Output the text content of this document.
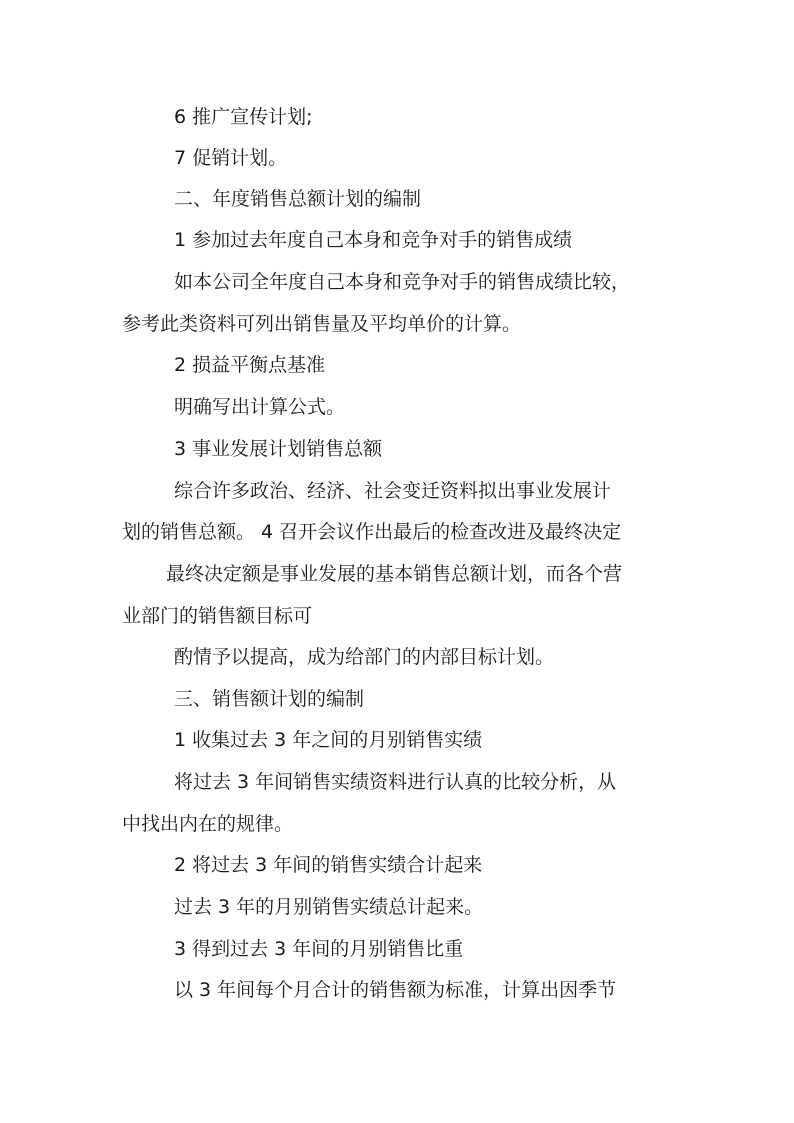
6 推广宣传计划;
7 促销计划。
二、年度销售总额计划的编制
1 参加过去年度自己本身和竞争对手的销售成绩
如本公司全年度自己本身和竞争对手的销售成绩比较，
参考此类资料可列出销售量及平均单价的计算。
2 损益平衡点基准
明确写出计算公式。
3 事业发展计划销售总额
综合许多政治、经济、社会变迁资料拟出事业发展计
划的销售总额。 4 召开会议作出最后的检查改进及最终决定
最终决定额是事业发展的基本销售总额计划，而各个营
业部门的销售额目标可
酌情予以提高，成为给部门的内部目标计划。
三、销售额计划的编制
1 收集过去 3 年之间的月别销售实绩
将过去 3 年间销售实绩资料进行认真的比较分析，从
中找出内在的规律。
2 将过去 3 年间的销售实绩合计起来
过去 3 年的月别销售实绩总计起来。
3 得到过去 3 年间的月别销售比重
以 3 年间每个月合计的销售额为标准，计算出因季节
